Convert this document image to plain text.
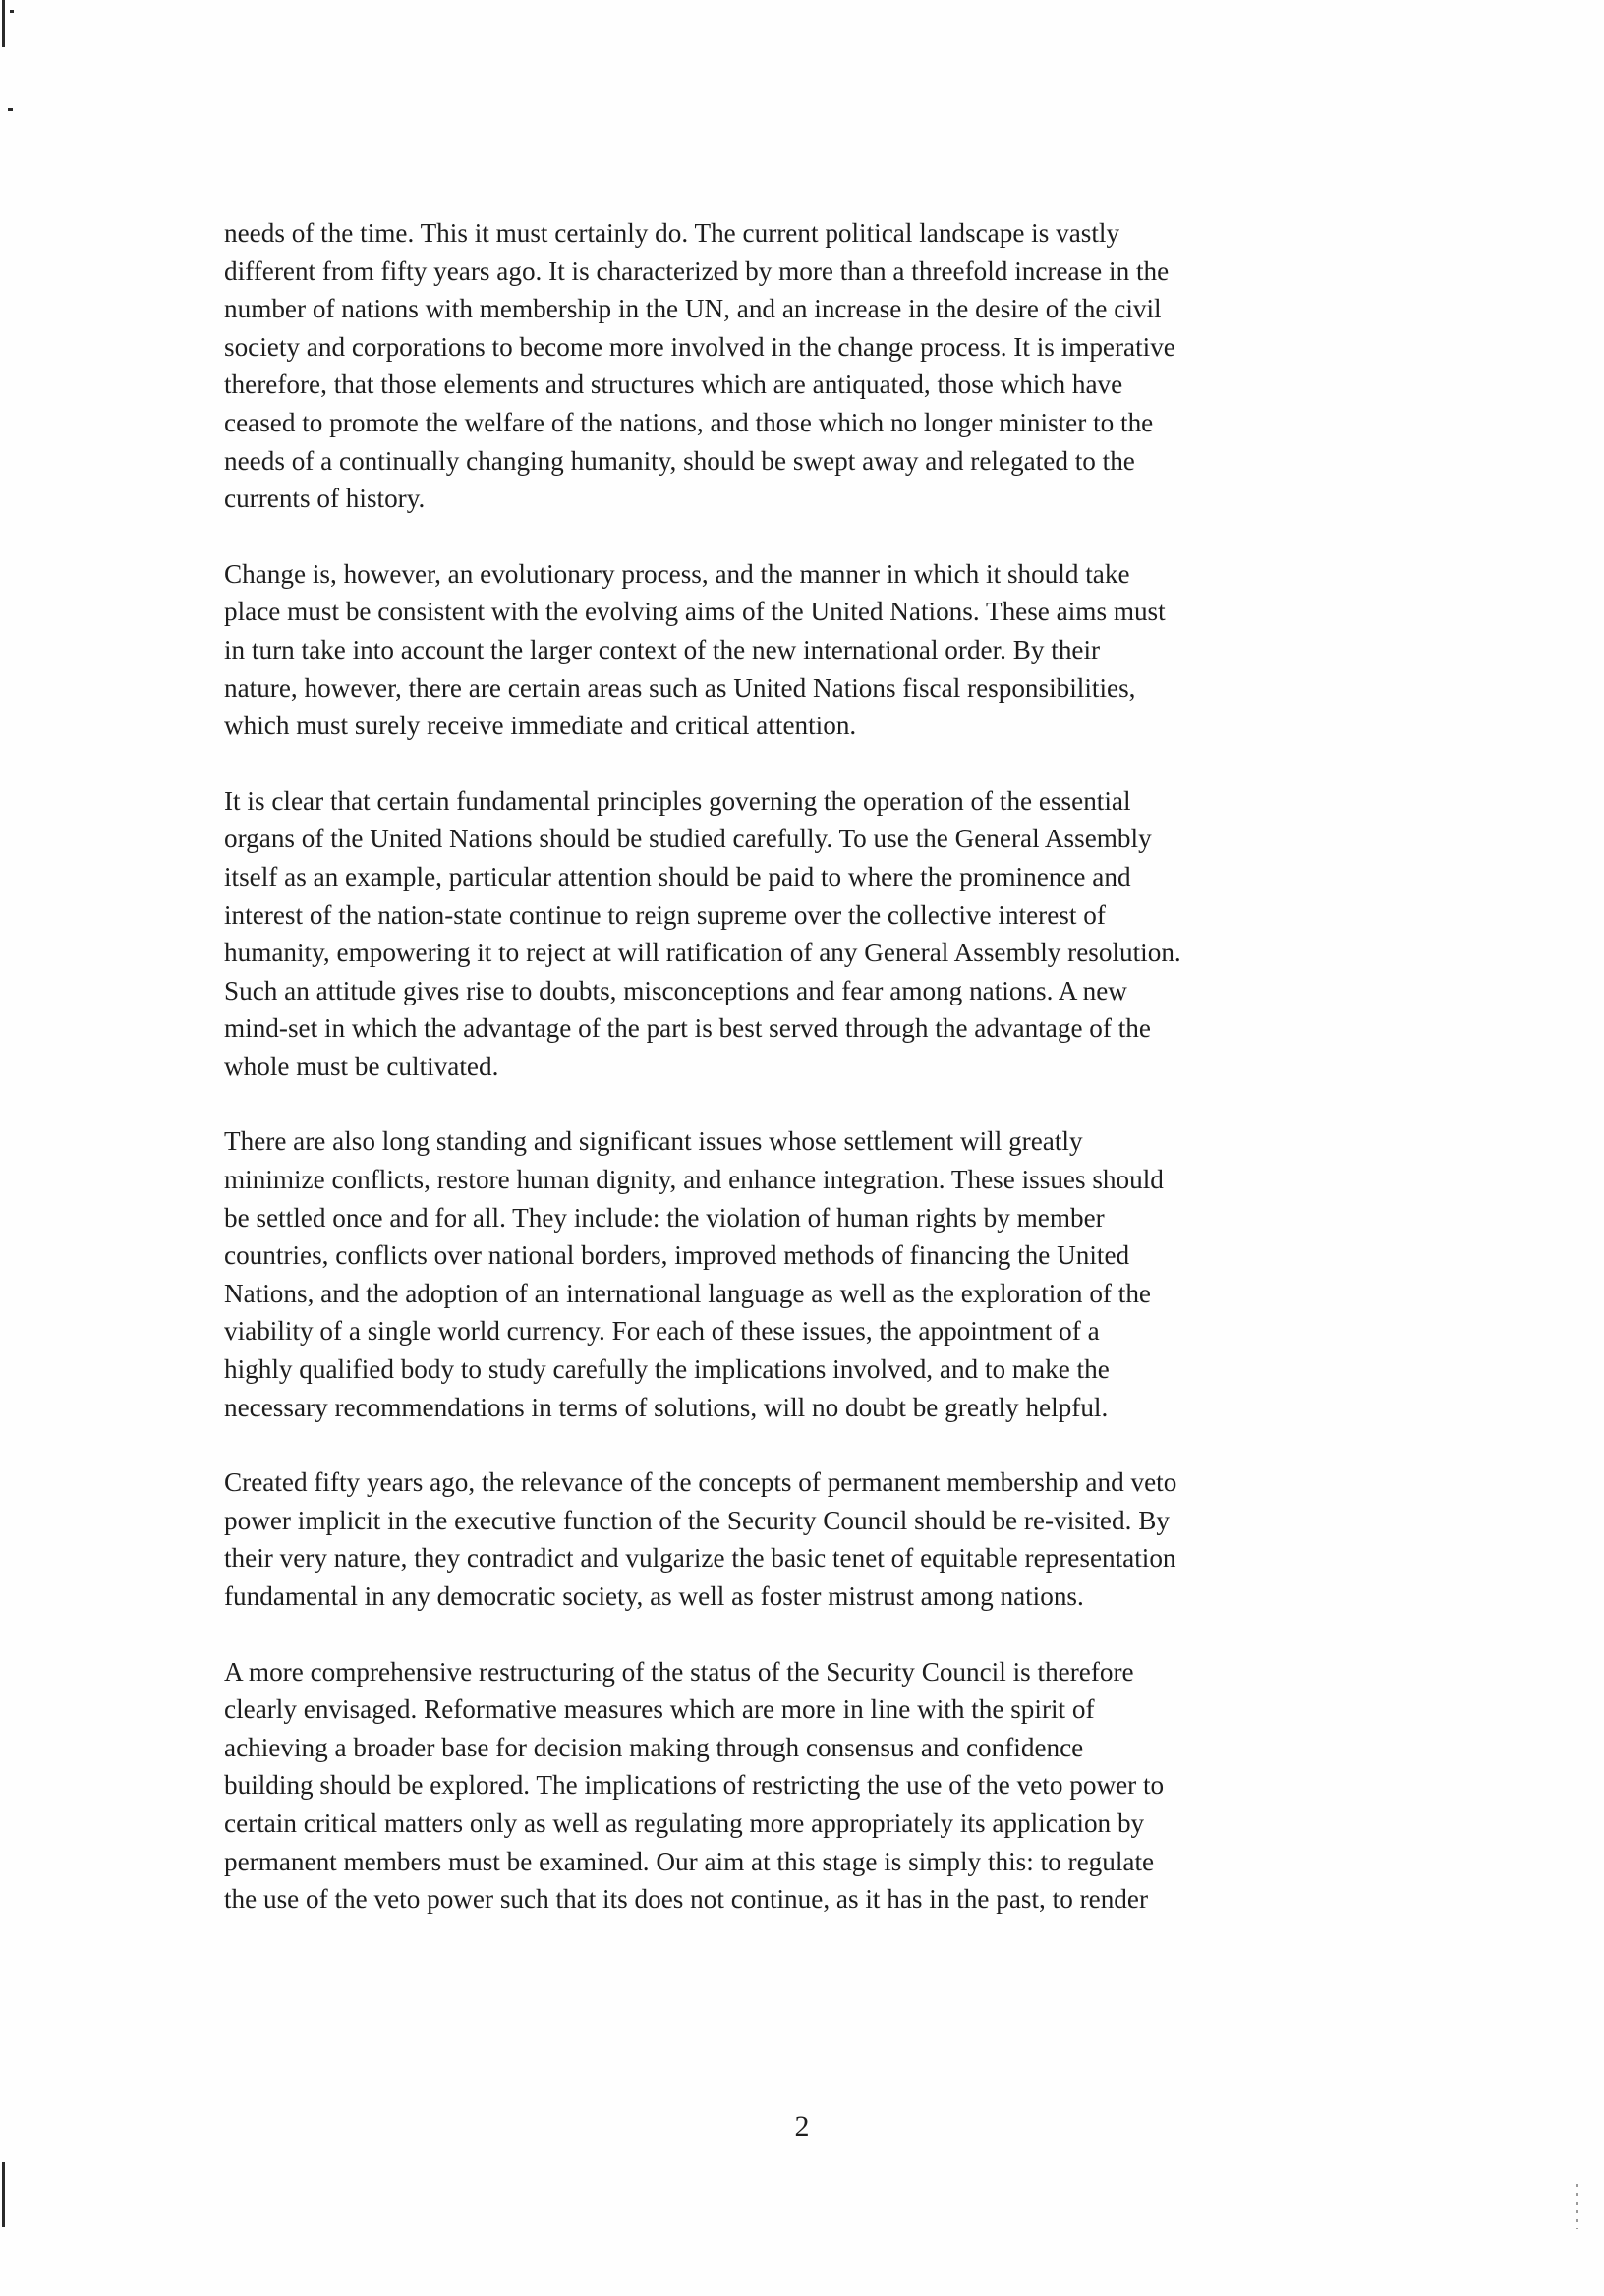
needs of the time. This it must certainly do. The current political landscape is vastly
different from fifty years ago. It is characterized by more than a threefold increase in the
number of nations with membership in the UN, and an increase in the desire of the civil
society and corporations to become more involved in the change process. It is imperative
therefore, that those elements and structures which are antiquated, those which have
ceased to promote the welfare of the nations, and those which no longer minister to the
needs of a continually changing humanity, should be swept away and relegated to the
currents of history.

Change is, however, an evolutionary process, and the manner in which it should take
place must be consistent with the evolving aims of the United Nations. These aims must
in turn take into account the larger context of the new international order. By their
nature, however, there are certain areas such as United Nations fiscal responsibilities,
which must surely receive immediate and critical attention.

It is clear that certain fundamental principles governing the operation of the essential
organs of the United Nations should be studied carefully. To use the General Assembly
itself as an example, particular attention should be paid to where the prominence and
interest of the nation-state continue to reign supreme over the collective interest of
humanity, empowering it to reject at will ratification of any General Assembly resolution.
Such an attitude gives rise to doubts, misconceptions and fear among nations. A new
mind-set in which the advantage of the part is best served through the advantage of the
whole must be cultivated.

There are also long standing and significant issues whose settlement will greatly
minimize conflicts, restore human dignity, and enhance integration. These issues should
be settled once and for all. They include: the violation of human rights by member
countries, conflicts over national borders, improved methods of financing the United
Nations, and the adoption of an international language as well as the exploration of the
viability of a single world currency. For each of these issues, the appointment of a
highly qualified body to study carefully the implications involved, and to make the
necessary recommendations in terms of solutions, will no doubt be greatly helpful.

Created fifty years ago, the relevance of the concepts of permanent membership and veto
power implicit in the executive function of the Security Council should be re-visited. By
their very nature, they contradict and vulgarize the basic tenet of equitable representation
fundamental in any democratic society, as well as foster mistrust among nations.

A more comprehensive restructuring of the status of the Security Council is therefore
clearly envisaged. Reformative measures which are more in line with the spirit of
achieving a broader base for decision making through consensus and confidence
building should be explored. The implications of restricting the use of the veto power to
certain critical matters only as well as regulating more appropriately its application by
permanent members must be examined. Our aim at this stage is simply this: to regulate
the use of the veto power such that its does not continue, as it has in the past, to render

2
